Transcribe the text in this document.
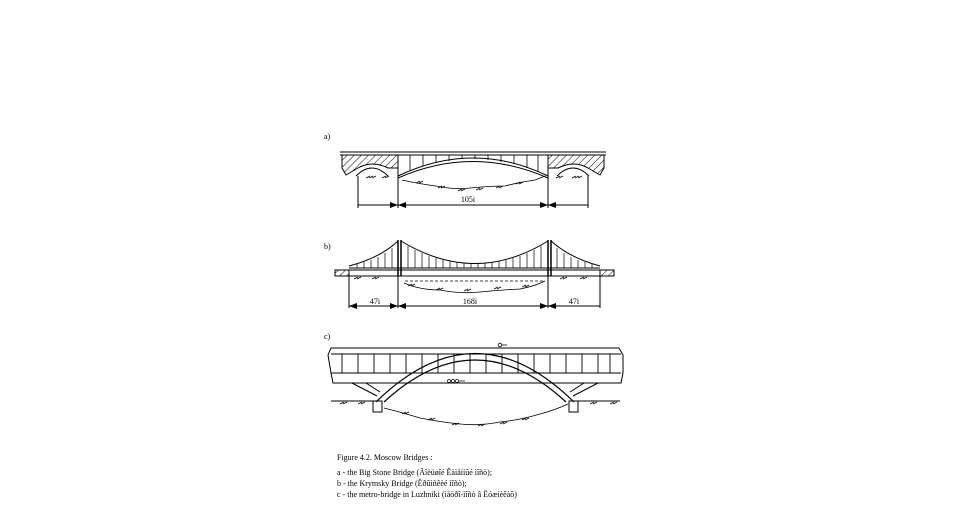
a)
b)
c)
105i
47i	168i	47i
Figure 4.2. Moscow Bridges :
a - the Big Stone Bridge (Ãîëüøîé Êàìåííûé ìîñò);
b - the Krymsky Bridge (Êðûìñêèé ìîñò);
c - the metro-bridge in Luzhniki (ìåòðî-ìîñò â Ëóæíèêàõ)
